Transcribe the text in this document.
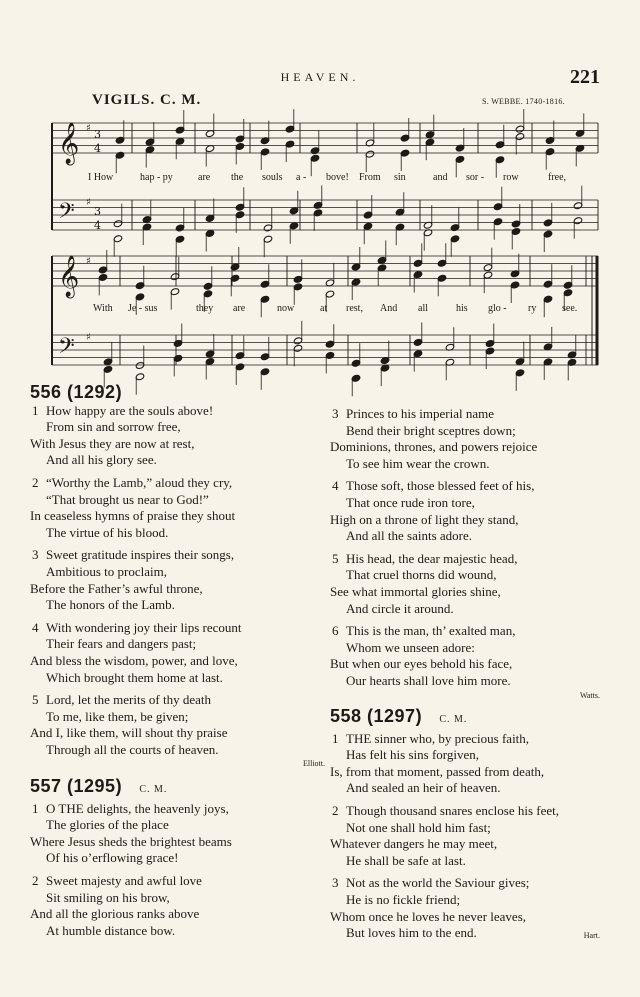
HEAVEN.	221
VIGILS. C. M.	S. WEBBE. 1740-1816.
𝄞
𝄢
𝄞
𝄢
3
4
3
4
♯
♯
♯
♯
I How	hap - py	are the souls a - bove! From sin	and sor - row	free,
With Je - sus	they are	now	at rest, And all	his glo - ry	see.
556 (1292)
1 How happy are the souls above!
From sin and sorrow free,
With Jesus they are now at rest,
And all his glory see.
2 “Worthy the Lamb,” aloud they cry,
“That brought us near to God!”
In ceaseless hymns of praise they shout
The virtue of his blood.
3 Sweet gratitude inspires their songs,
Ambitious to proclaim,
Before the Father’s awful throne,
The honors of the Lamb.
4 With wondering joy their lips recount
Their fears and dangers past;
And bless the wisdom, power, and love,
Which brought them home at last.
5 Lord, let the merits of thy death
To me, like them, be given;
And I, like them, will shout thy praise
Through all the courts of heaven.
Elliott.
557 (1295) C. M.
1 O THE delights, the heavenly joys,
The glories of the place
Where Jesus sheds the brightest beams
Of his o’erflowing grace!
2 Sweet majesty and awful love
Sit smiling on his brow,
And all the glorious ranks above
At humble distance bow.
3 Princes to his imperial name
Bend their bright sceptres down;
Dominions, thrones, and powers rejoice
To see him wear the crown.
4 Those soft, those blessed feet of his,
That once rude iron tore,
High on a throne of light they stand,
And all the saints adore.
5 His head, the dear majestic head,
That cruel thorns did wound,
See what immortal glories shine,
And circle it around.
6 This is the man, th’ exalted man,
Whom we unseen adore:
But when our eyes behold his face,
Our hearts shall love him more.
Watts.
558 (1297) C. M.
1 THE sinner who, by precious faith,
Has felt his sins forgiven,
Is, from that moment, passed from death,
And sealed an heir of heaven.
2 Though thousand snares enclose his feet,
Not one shall hold him fast;
Whatever dangers he may meet,
He shall be safe at last.
3 Not as the world the Saviour gives;
He is no fickle friend;
Whom once he loves he never leaves,
But loves him to the end.	Hart.
